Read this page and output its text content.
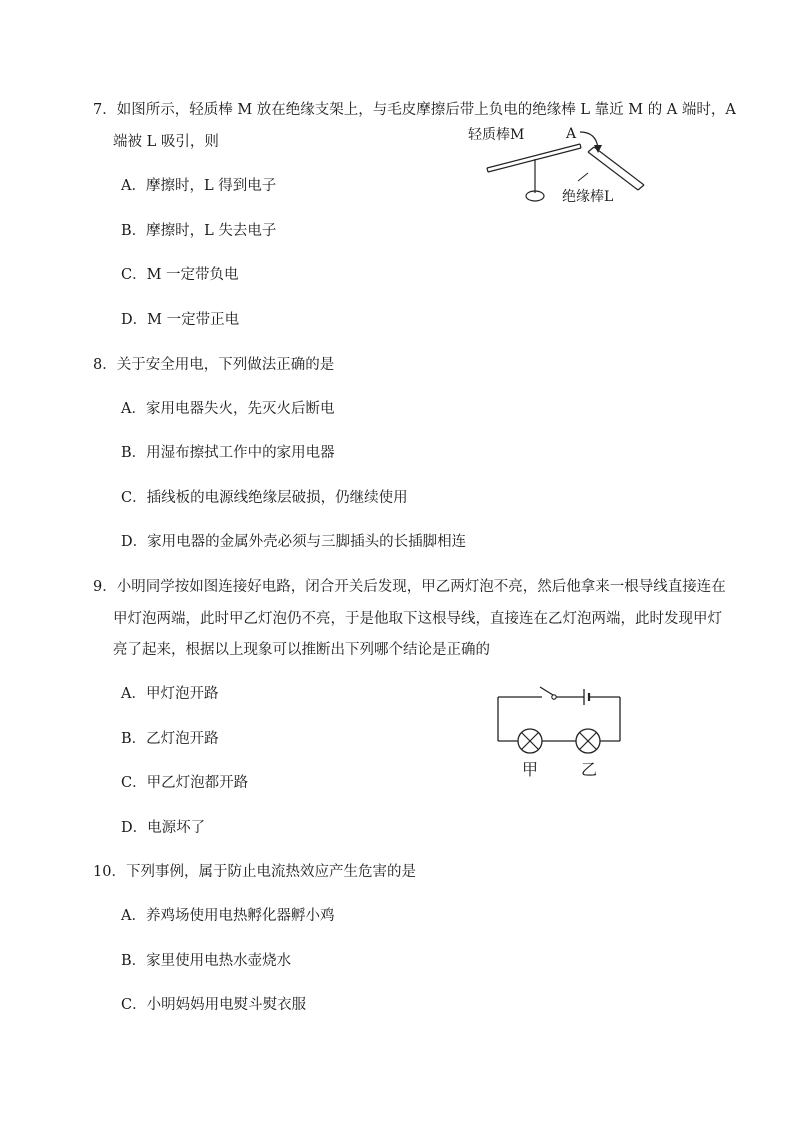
7．如图所示，轻质棒 M 放在绝缘支架上，与毛皮摩擦后带上负电的绝缘棒 L 靠近 M 的 A 端时，A
端被 L 吸引，则
A．摩擦时，L 得到电子
B．摩擦时，L 失去电子
C．M 一定带负电
D．M 一定带正电
轻质棒M	A
绝缘棒L
8．关于安全用电，下列做法正确的是
A．家用电器失火，先灭火后断电
B．用湿布擦拭工作中的家用电器
C．插线板的电源线绝缘层破损，仍继续使用
D．家用电器的金属外壳必须与三脚插头的长插脚相连
9．小明同学按如图连接好电路，闭合开关后发现，甲乙两灯泡不亮，然后他拿来一根导线直接连在
甲灯泡两端，此时甲乙灯泡仍不亮，于是他取下这根导线，直接连在乙灯泡两端，此时发现甲灯
亮了起来，根据以上现象可以推断出下列哪个结论是正确的
A．甲灯泡开路
B．乙灯泡开路
C．甲乙灯泡都开路
D．电源坏了
甲	乙
10．下列事例，属于防止电流热效应产生危害的是
A．养鸡场使用电热孵化器孵小鸡
B．家里使用电热水壶烧水
C．小明妈妈用电熨斗熨衣服
